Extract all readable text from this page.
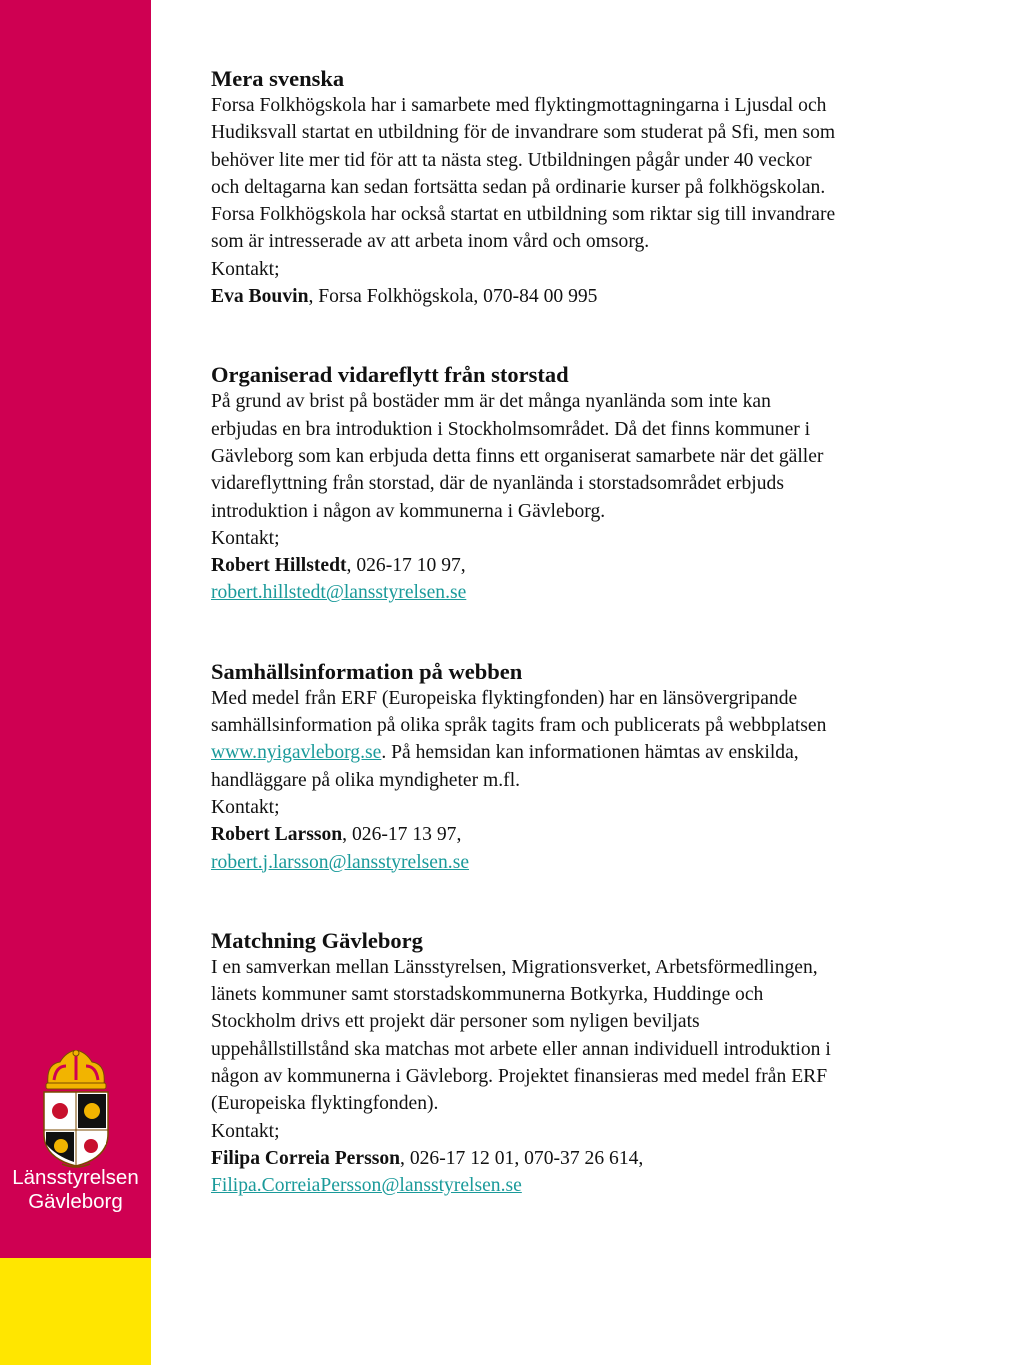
Länsstyrelsen
Gävleborg
Mera svenska
Forsa Folkhögskola har i samarbete med flyktingmottagningarna i Ljusdal och
Hudiksvall startat en utbildning för de invandrare som studerat på Sfi, men som
behöver lite mer tid för att ta nästa steg. Utbildningen pågår under 40 veckor
och deltagarna kan sedan fortsätta sedan på ordinarie kurser på folkhögskolan.
Forsa Folkhögskola har också startat en utbildning som riktar sig till invandrare
som är intresserade av att arbeta inom vård och omsorg.
Kontakt;
Eva Bouvin, Forsa Folkhögskola, 070-84 00 995
Organiserad vidareflytt från storstad
På grund av brist på bostäder mm är det många nyanlända som inte kan
erbjudas en bra introduktion i Stockholmsområdet. Då det finns kommuner i
Gävleborg som kan erbjuda detta finns ett organiserat samarbete när det gäller
vidareflyttning från storstad, där de nyanlända i storstadsområdet erbjuds
introduktion i någon av kommunerna i Gävleborg.
Kontakt;
Robert Hillstedt, 026-17 10 97,
robert.hillstedt@lansstyrelsen.se
Samhällsinformation på webben
Med medel från ERF (Europeiska flyktingfonden) har en länsövergripande
samhällsinformation på olika språk tagits fram och publicerats på webbplatsen
www.nyigavleborg.se. På hemsidan kan informationen hämtas av enskilda,
handläggare på olika myndigheter m.fl.
Kontakt;
Robert Larsson, 026-17 13 97,
robert.j.larsson@lansstyrelsen.se
Matchning Gävleborg
I en samverkan mellan Länsstyrelsen, Migrationsverket, Arbetsförmedlingen,
länets kommuner samt storstadskommunerna Botkyrka, Huddinge och
Stockholm drivs ett projekt där personer som nyligen beviljats
uppehållstillstånd ska matchas mot arbete eller annan individuell introduktion i
någon av kommunerna i Gävleborg. Projektet finansieras med medel från ERF
(Europeiska flyktingfonden).
Kontakt;
Filipa Correia Persson, 026-17 12 01, 070-37 26 614,
Filipa.CorreiaPersson@lansstyrelsen.se
